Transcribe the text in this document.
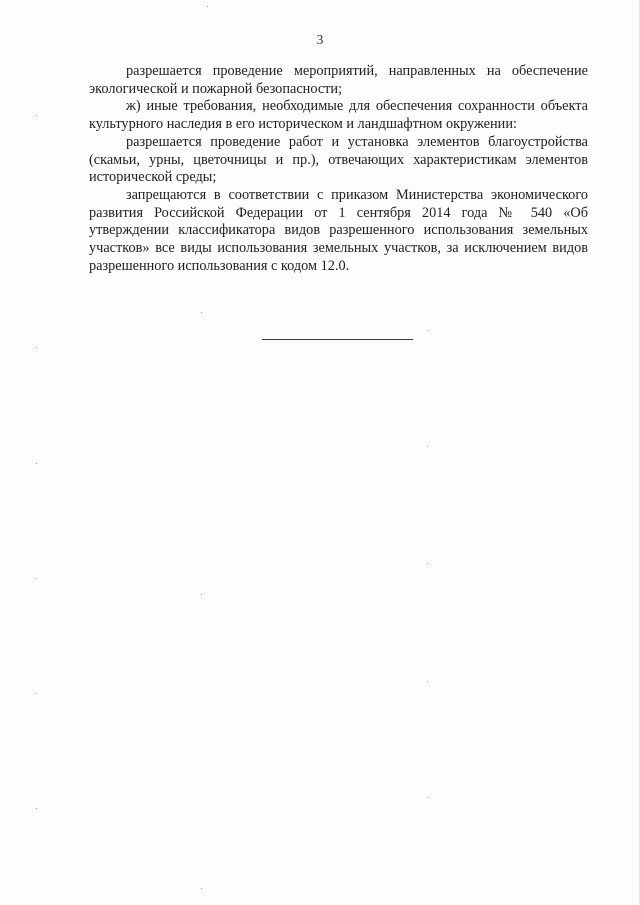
3

разрешается проведение мероприятий, направленных на обеспечение экологической и пожарной безопасности;

ж) иные требования, необходимые для обеспечения сохранности объекта культурного наследия в его историческом и ландшафтном окружении:

разрешается проведение работ и установка элементов благоустройства (скамьи, урны, цветочницы и пр.), отвечающих характеристикам элементов исторической среды;

запрещаются в соответствии с приказом Министерства экономического развития Российской Федерации от 1 сентября 2014 года № 540 «Об утверждении классификатора видов разрешенного использования земельных участков» все виды использования земельных участков, за исключением видов разрешенного использования с кодом 12.0.
